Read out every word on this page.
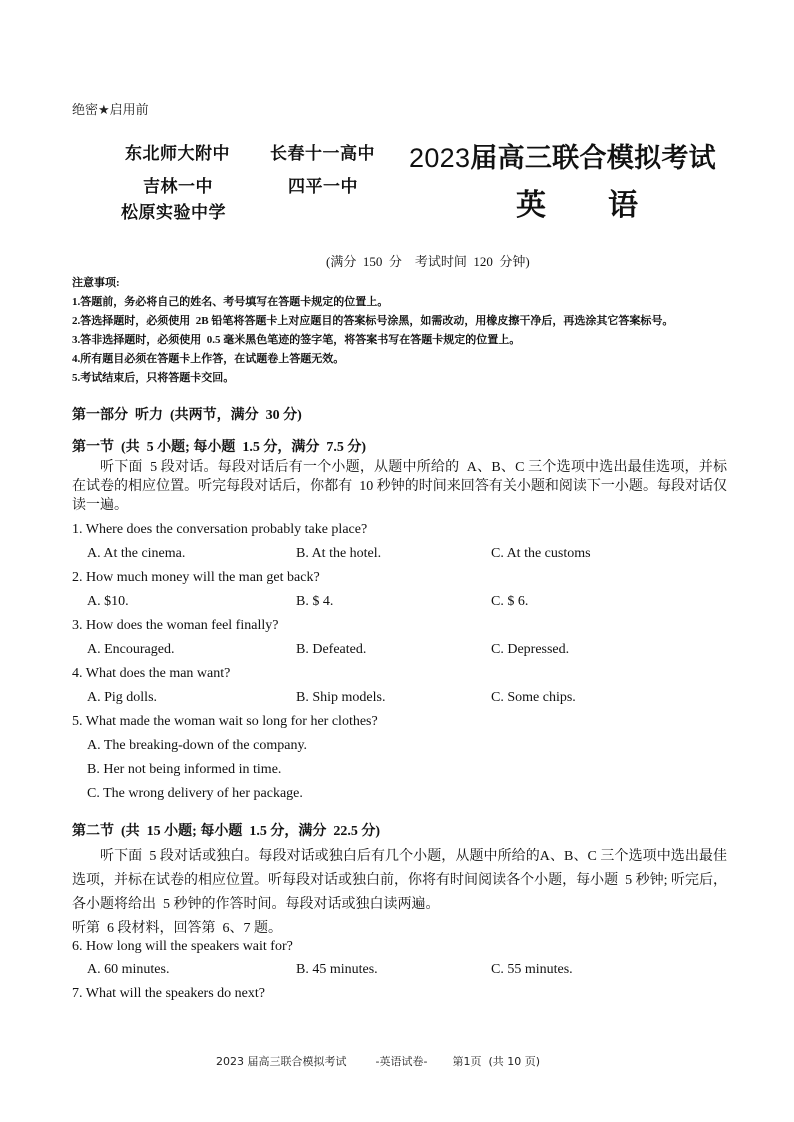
绝密★启用前
东北师大附中 长春十一高中
吉林一中	四平一中
松原实验中学
2023届高三联合模拟考试
英 语
(满分  150  分    考试时间  120  分钟)
注意事项:
1.答题前，务必将自己的姓名、考号填写在答题卡规定的位置上。
2.答选择题时，必须使用  2B 铅笔将答题卡上对应题目的答案标号涂黑，如需改动，用橡皮擦干净后，再选涂其它答案标号。
3.答非选择题时，必须使用  0.5 毫米黑色笔迹的签字笔，将答案书写在答题卡规定的位置上。
4.所有题目必须在答题卡上作答，在试题卷上答题无效。
5.考试结束后，只将答题卡交回。
第一部分  听力  (共两节，满分  30 分)
第一节  (共  5 小题; 每小题  1.5 分，满分  7.5 分)
听下面  5 段对话。每段对话后有一个小题，从题中所给的  A、B、C 三个选项中选出最佳选项，并标在试卷的相应位置。听完每段对话后，你都有  10 秒钟的时间来回答有关小题和阅读下一小题。每段对话仅读一遍。
1. Where does the conversation probably take place?
A. At the cinema.	B. At the hotel.	C. At the customs
2. How much money will the man get back?
A. $10.	B. $ 4.	C. $ 6.
3. How does the woman feel finally?
A. Encouraged.	B. Defeated.	C. Depressed.
4. What does the man want?
A. Pig dolls.	B. Ship models.	C. Some chips.
5. What made the woman wait so long for her clothes?
A. The breaking-down of the company.
B. Her not being informed in time.
C. The wrong delivery of her package.
第二节  (共  15 小题; 每小题  1.5 分，满分  22.5 分)
听下面  5 段对话或独白。每段对话或独白后有几个小题，从题中所给的A、B、C 三个选项中选出最佳选项，并标在试卷的相应位置。听每段对话或独白前，你将有时间阅读各个小题，每小题  5 秒钟; 听完后，  各小题将给出  5 秒钟的作答时间。每段对话或独白读两遍。
听第  6 段材料，回答第  6、7 题。
6. How long will the speakers wait for?
A. 60 minutes.	B. 45 minutes.	C. 55 minutes.
7. What will the speakers do next?
2023 届高三联合模拟考试	-英语试卷- 第1页  (共 10 页)
